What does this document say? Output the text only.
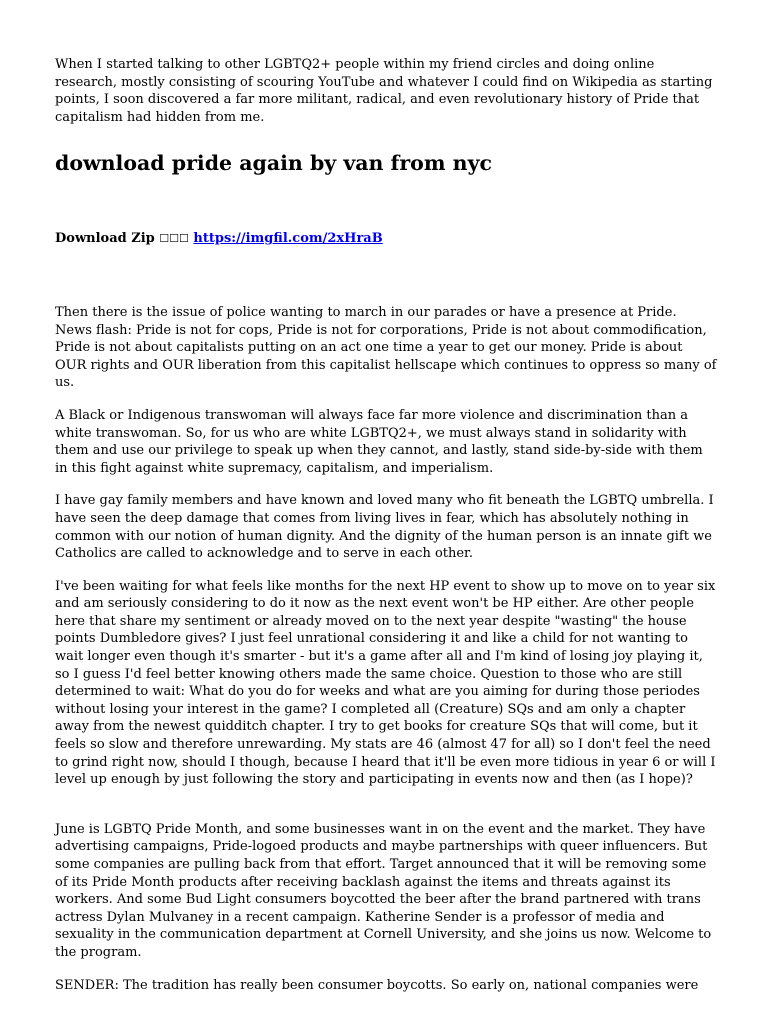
When I started talking to other LGBTQ2+ people within my friend circles and doing online research, mostly consisting of scouring YouTube and whatever I could find on Wikipedia as starting points, I soon discovered a far more militant, radical, and even revolutionary history of Pride that capitalism had hidden from me.

download pride again by van from nyc

Download Zip ☐☐☐ https://imgfil.com/2xHraB

Then there is the issue of police wanting to march in our parades or have a presence at Pride. News flash: Pride is not for cops, Pride is not for corporations, Pride is not about commodification, Pride is not about capitalists putting on an act one time a year to get our money. Pride is about OUR rights and OUR liberation from this capitalist hellscape which continues to oppress so many of us.

A Black or Indigenous transwoman will always face far more violence and discrimination than a white transwoman. So, for us who are white LGBTQ2+, we must always stand in solidarity with them and use our privilege to speak up when they cannot, and lastly, stand side-by-side with them in this fight against white supremacy, capitalism, and imperialism.

I have gay family members and have known and loved many who fit beneath the LGBTQ umbrella. I have seen the deep damage that comes from living lives in fear, which has absolutely nothing in common with our notion of human dignity. And the dignity of the human person is an innate gift we Catholics are called to acknowledge and to serve in each other.

I've been waiting for what feels like months for the next HP event to show up to move on to year six and am seriously considering to do it now as the next event won't be HP either. Are other people here that share my sentiment or already moved on to the next year despite "wasting" the house points Dumbledore gives? I just feel unrational considering it and like a child for not wanting to wait longer even though it's smarter - but it's a game after all and I'm kind of losing joy playing it, so I guess I'd feel better knowing others made the same choice. Question to those who are still determined to wait: What do you do for weeks and what are you aiming for during those periodes without losing your interest in the game? I completed all (Creature) SQs and am only a chapter away from the newest quidditch chapter. I try to get books for creature SQs that will come, but it feels so slow and therefore unrewarding. My stats are 46 (almost 47 for all) so I don't feel the need to grind right now, should I though, because I heard that it'll be even more tidious in year 6 or will I level up enough by just following the story and participating in events now and then (as I hope)?

June is LGBTQ Pride Month, and some businesses want in on the event and the market. They have advertising campaigns, Pride-logoed products and maybe partnerships with queer influencers. But some companies are pulling back from that effort. Target announced that it will be removing some of its Pride Month products after receiving backlash against the items and threats against its workers. And some Bud Light consumers boycotted the beer after the brand partnered with trans actress Dylan Mulvaney in a recent campaign. Katherine Sender is a professor of media and sexuality in the communication department at Cornell University, and she joins us now. Welcome to the program.

SENDER: The tradition has really been consumer boycotts. So early on, national companies were
